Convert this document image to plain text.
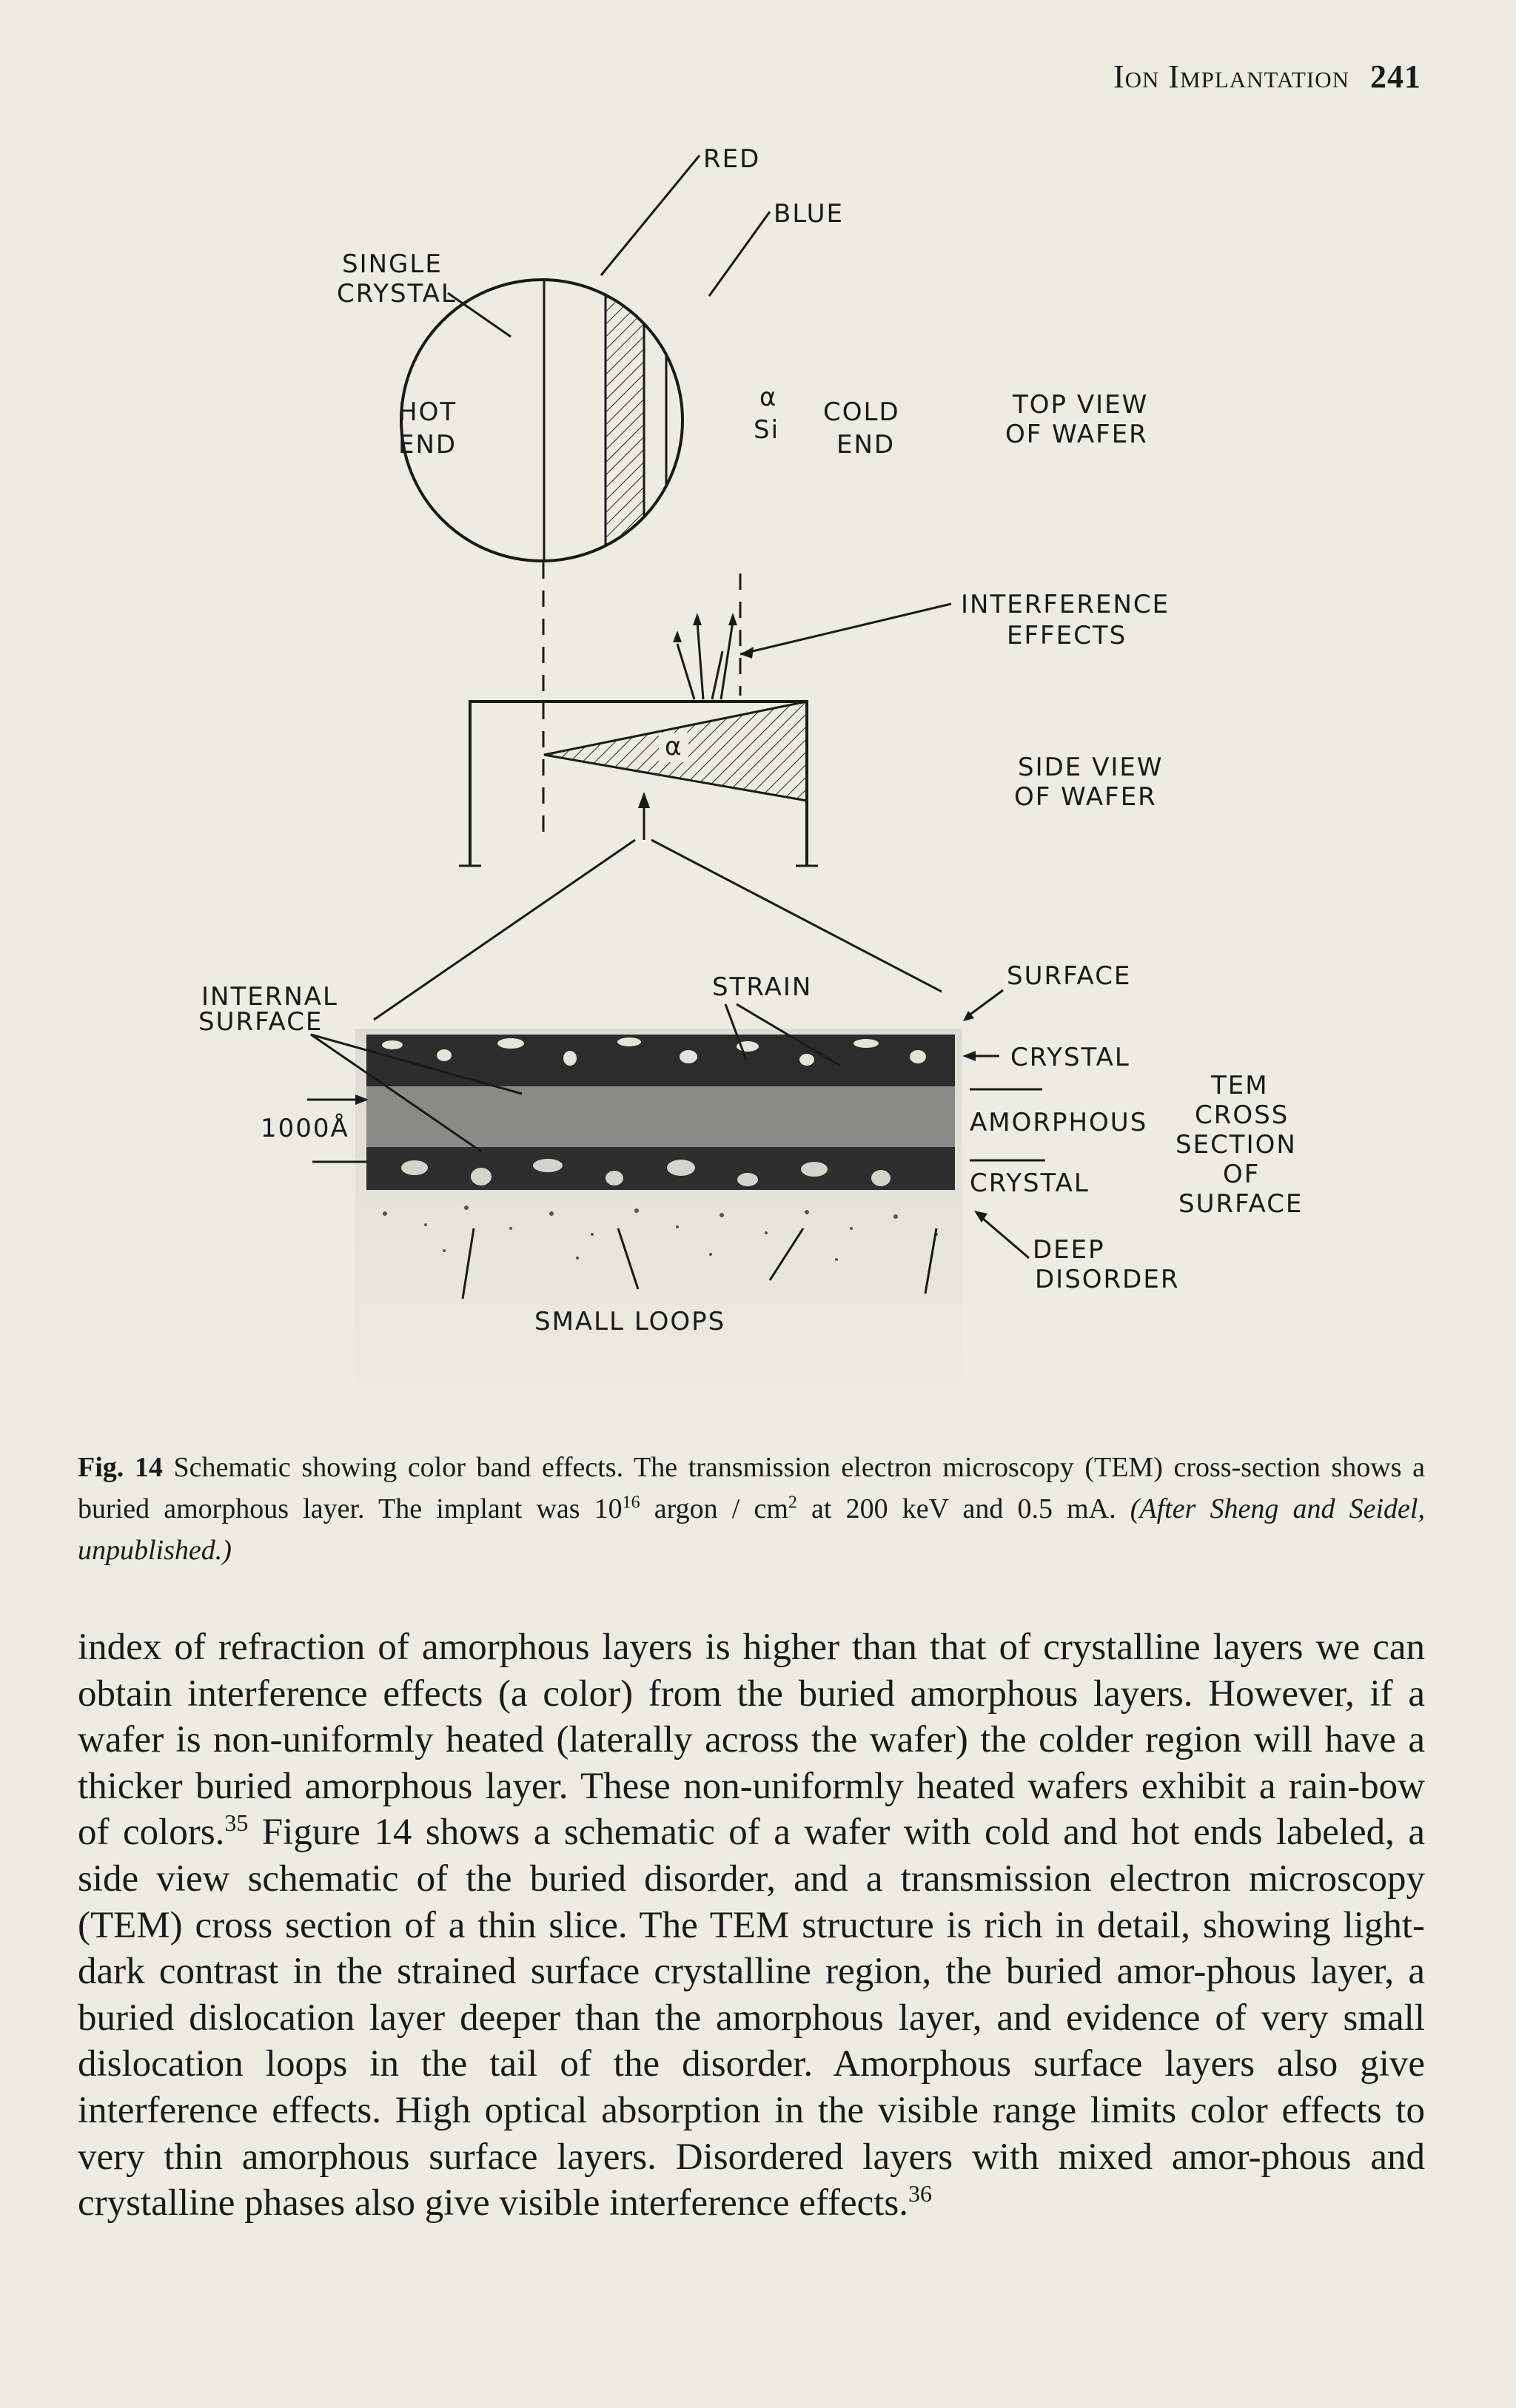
Ion Implantation 241
RED
BLUE
SINGLE
CRYSTAL
HOT
END
α
Si
COLD
END
TOP VIEW
OF WAFER
INTERFERENCE
EFFECTS
α
SIDE VIEW
OF WAFER
INTERNAL
SURFACE
STRAIN	SURFACE
CRYSTAL
AMORPHOUS
CRYSTAL
1000Å
TEM
CROSS
SECTION
OF
SURFACE
DEEP
DISORDER
SMALL LOOPS
Fig. 14 Schematic showing color band effects. The transmission electron microscopy (TEM) cross-section shows a buried amorphous layer. The implant was $10^{16}$ argon / $cm^2$ at 200 keV and 0.5 mA. (After Sheng and Seidel, unpublished.)

index of refraction of amorphous layers is higher than that of crystalline layers we can obtain interference effects (a color) from the buried amorphous layers. However, if a wafer is non-uniformly heated (laterally across the wafer) the colder region will have a thicker buried amorphous layer. These non-uniformly heated wafers exhibit a rain-bow of colors.$^{35}$ Figure 14 shows a schematic of a wafer with cold and hot ends labeled, a side view schematic of the buried disorder, and a transmission electron microscopy (TEM) cross section of a thin slice. The TEM structure is rich in detail, showing light-dark contrast in the strained surface crystalline region, the buried amor-phous layer, a buried dislocation layer deeper than the amorphous layer, and evidence of very small dislocation loops in the tail of the disorder. Amorphous surface layers also give interference effects. High optical absorption in the visible range limits color effects to very thin amorphous surface layers. Disordered layers with mixed amor-phous and crystalline phases also give visible interference effects.$^{36}$
